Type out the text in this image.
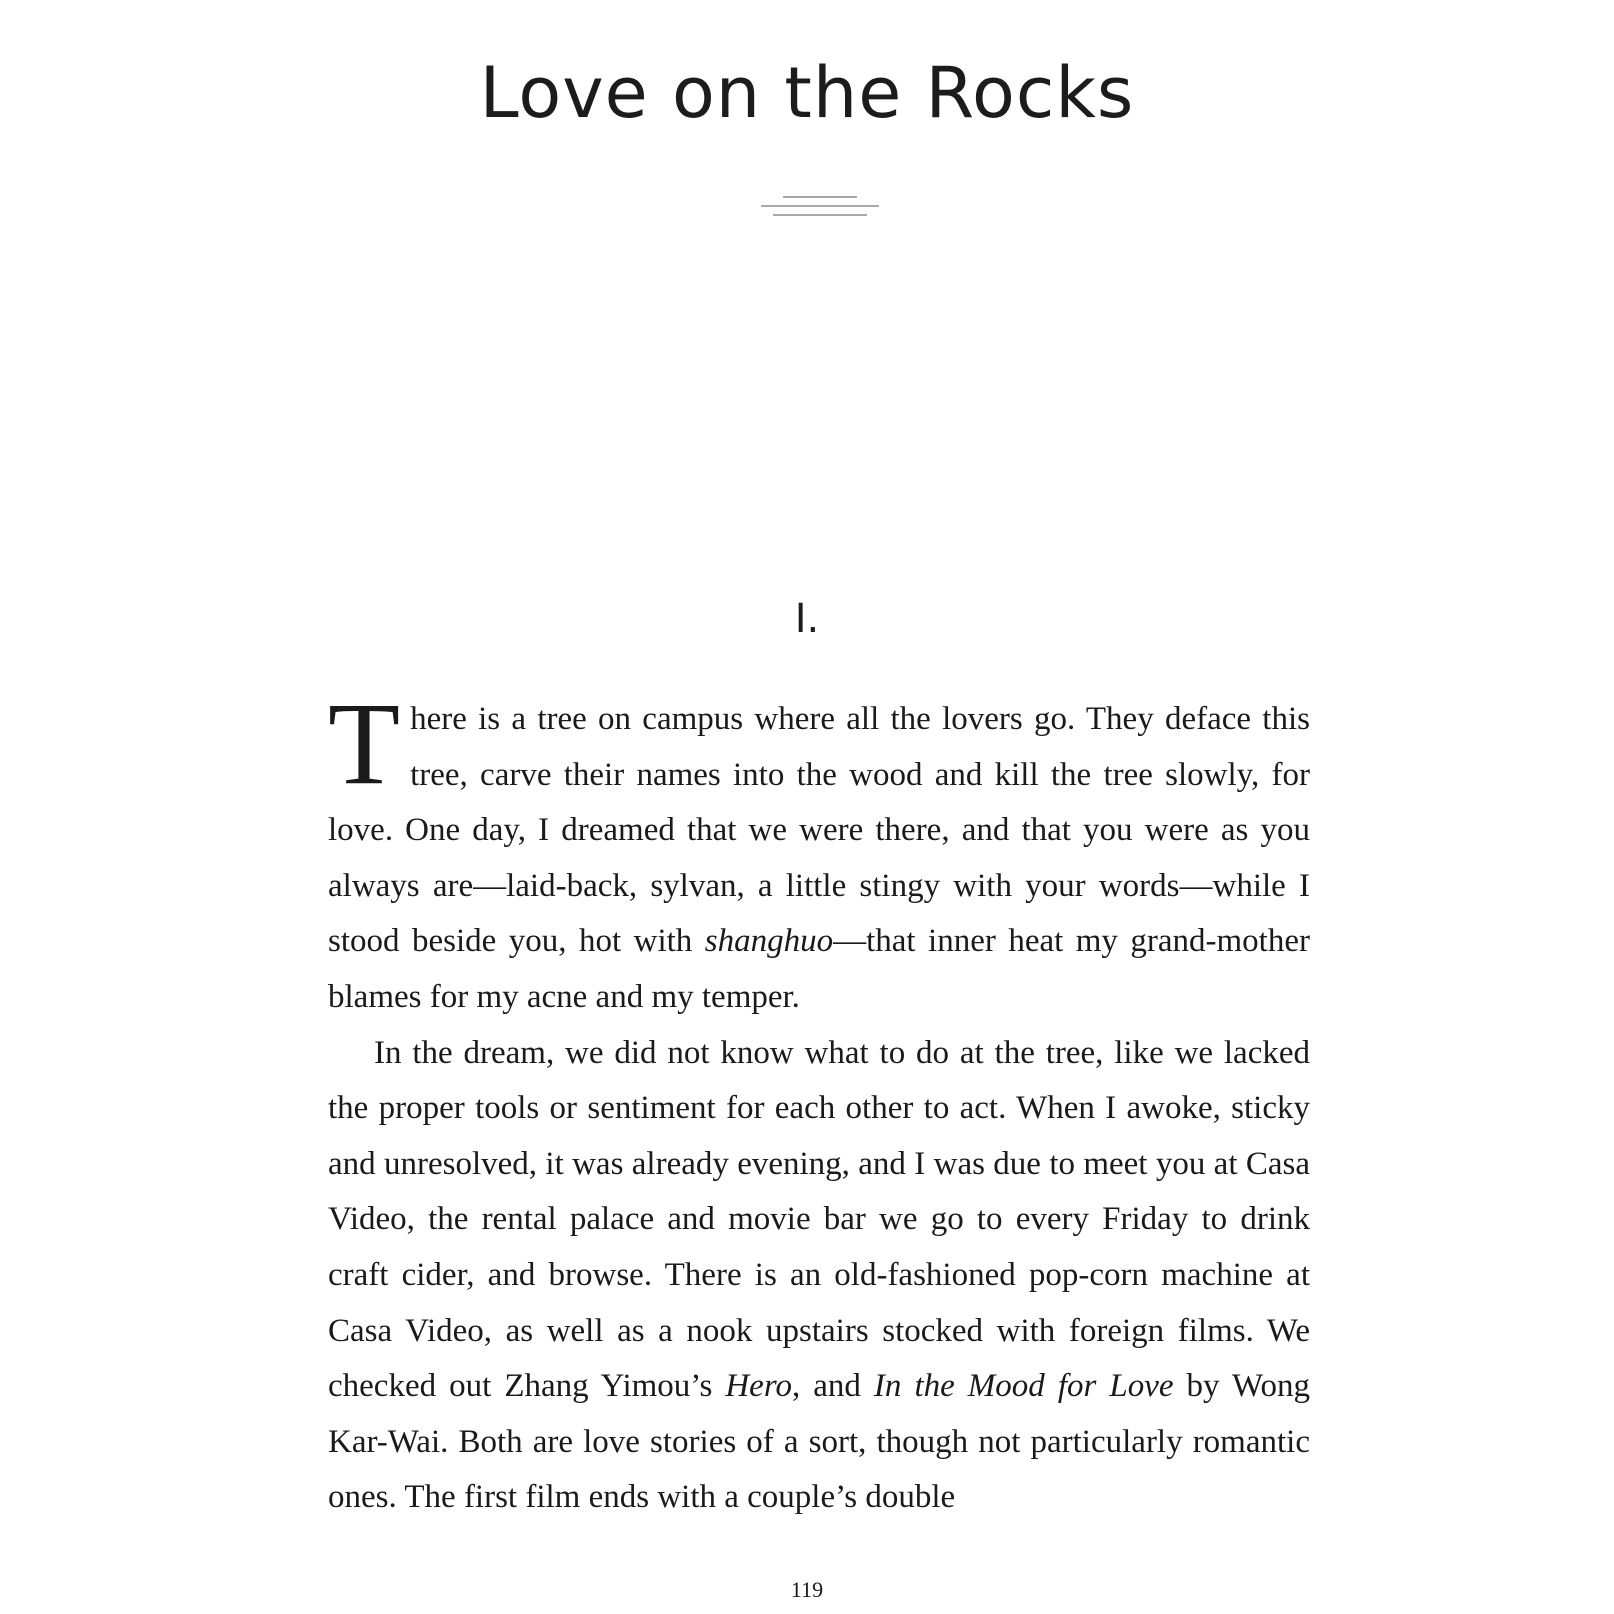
Love on the Rocks
I.

There is a tree on campus where all the lovers go. They deface this tree, carve their names into the wood and kill the tree slowly, for love. One day, I dreamed that we were there, and that you were as you always are—laid-back, sylvan, a little stingy with your words—while I stood beside you, hot with shanghuo—that inner heat my grand-mother blames for my acne and my temper.

In the dream, we did not know what to do at the tree, like we lacked the proper tools or sentiment for each other to act. When I awoke, sticky and unresolved, it was already evening, and I was due to meet you at Casa Video, the rental palace and movie bar we go to every Friday to drink craft cider, and browse. There is an old-fashioned pop-corn machine at Casa Video, as well as a nook upstairs stocked with foreign films. We checked out Zhang Yimou’s Hero, and In the Mood for Love by Wong Kar-Wai. Both are love stories of a sort, though not particularly romantic ones. The first film ends with a couple’s double

119
